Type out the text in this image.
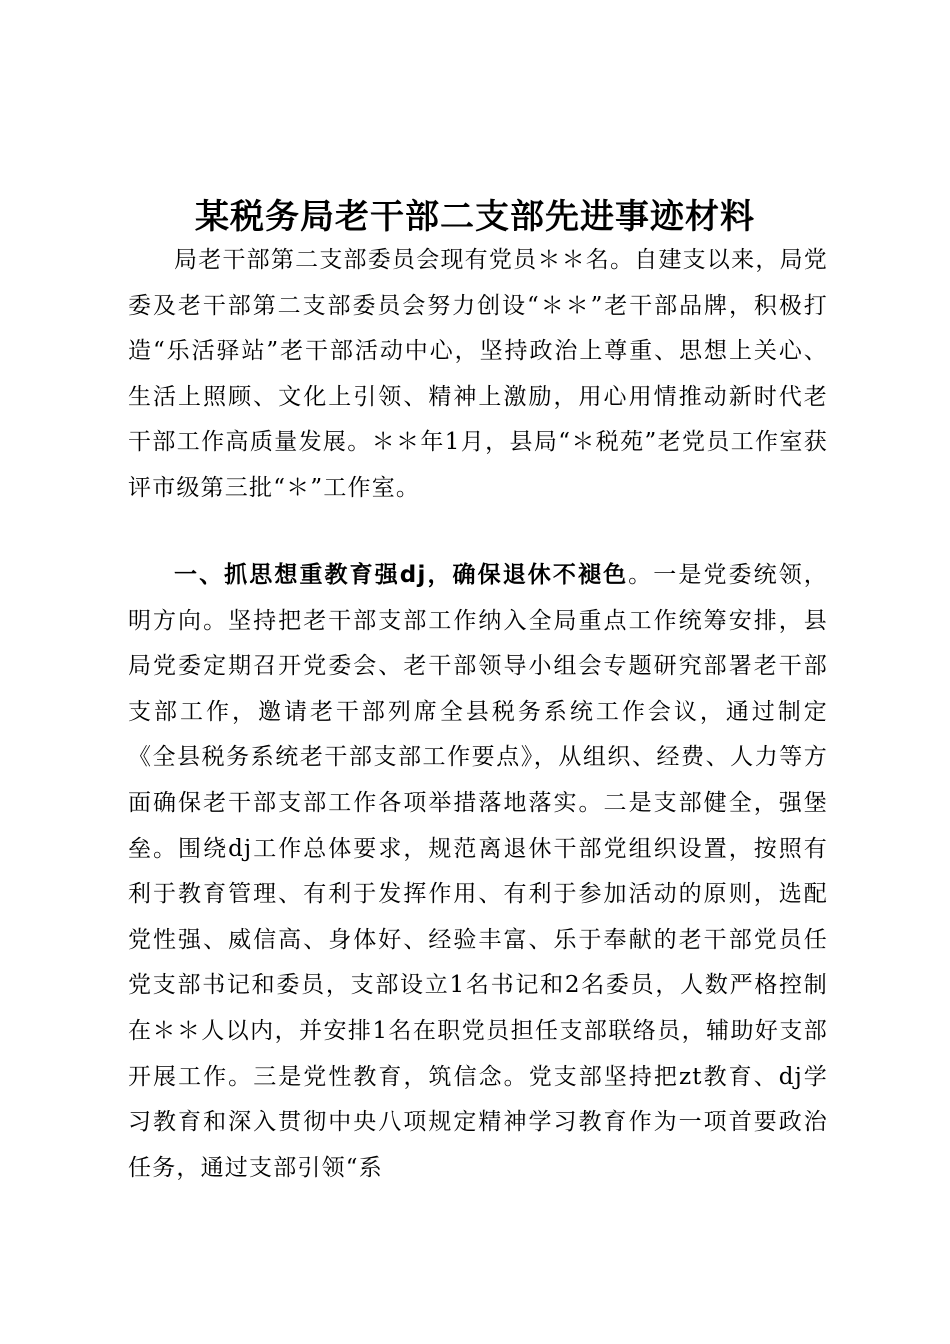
某税务局老干部二支部先进事迹材料

局老干部第二支部委员会现有党员＊＊名。自建支以来，局党委及老干部第二支部委员会努力创设“＊＊”老干部品牌，积极打造“乐活驿站”老干部活动中心，坚持政治上尊重、思想上关心、生活上照顾、文化上引领、精神上激励，用心用情推动新时代老干部工作高质量发展。＊＊年1月，县局“＊税苑”老党员工作室获评市级第三批“＊”工作室。

一、抓思想重教育强dj，确保退休不褪色。一是党委统领，明方向。坚持把老干部支部工作纳入全局重点工作统筹安排，县局党委定期召开党委会、老干部领导小组会专题研究部署老干部支部工作，邀请老干部列席全县税务系统工作会议，通过制定《全县税务系统老干部支部工作要点》，从组织、经费、人力等方面确保老干部支部工作各项举措落地落实。二是支部健全，强堡垒。围绕dj工作总体要求，规范离退休干部党组织设置，按照有利于教育管理、有利于发挥作用、有利于参加活动的原则，选配党性强、威信高、身体好、经验丰富、乐于奉献的老干部党员任党支部书记和委员，支部设立1名书记和2名委员，人数严格控制在＊＊人以内，并安排1名在职党员担任支部联络员，辅助好支部开展工作。三是党性教育，筑信念。党支部坚持把zt教育、dj学习教育和深入贯彻中央八项规定精神学习教育作为一项首要政治任务，通过支部引领“系
